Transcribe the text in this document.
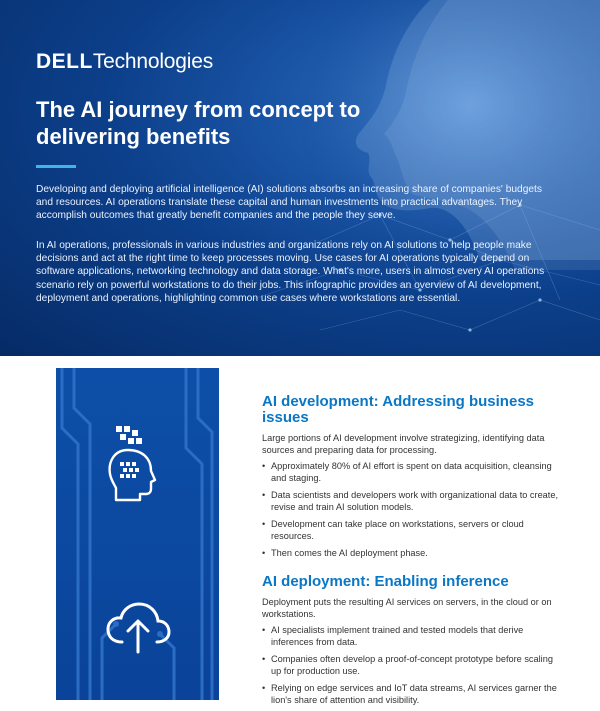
DELLTechnologies
The AI journey from concept to delivering benefits

Developing and deploying artificial intelligence (AI) solutions absorbs an increasing share of companies' budgets and resources. AI operations translate these capital and human investments into practical advantages. They accomplish outcomes that greatly benefit companies and the people they serve.

In AI operations, professionals in various industries and organizations rely on AI solutions to help people make decisions and act at the right time to keep processes moving. Use cases for AI operations typically depend on software applications, networking technology and data storage. What's more, users in almost every AI operations scenario rely on powerful workstations to do their jobs. This infographic provides an overview of AI development, deployment and operations, highlighting common use cases where workstations are essential.

AI development: Addressing business issues

Large portions of AI development involve strategizing, identifying data sources and preparing data for processing.

• Approximately 80% of AI effort is spent on data acquisition, cleansing and staging.
• Data scientists and developers work with organizational data to create, revise and train AI solution models.
• Development can take place on workstations, servers or cloud resources.
• Then comes the AI deployment phase.
AI deployment: Enabling inference

Deployment puts the resulting AI services on servers, in the cloud or on workstations.

• AI specialists implement trained and tested models that derive inferences from data.
• Companies often develop a proof-of-concept prototype before scaling up for production use.
• Relying on edge services and IoT data streams, AI services garner the lion's share of attention and visibility.
